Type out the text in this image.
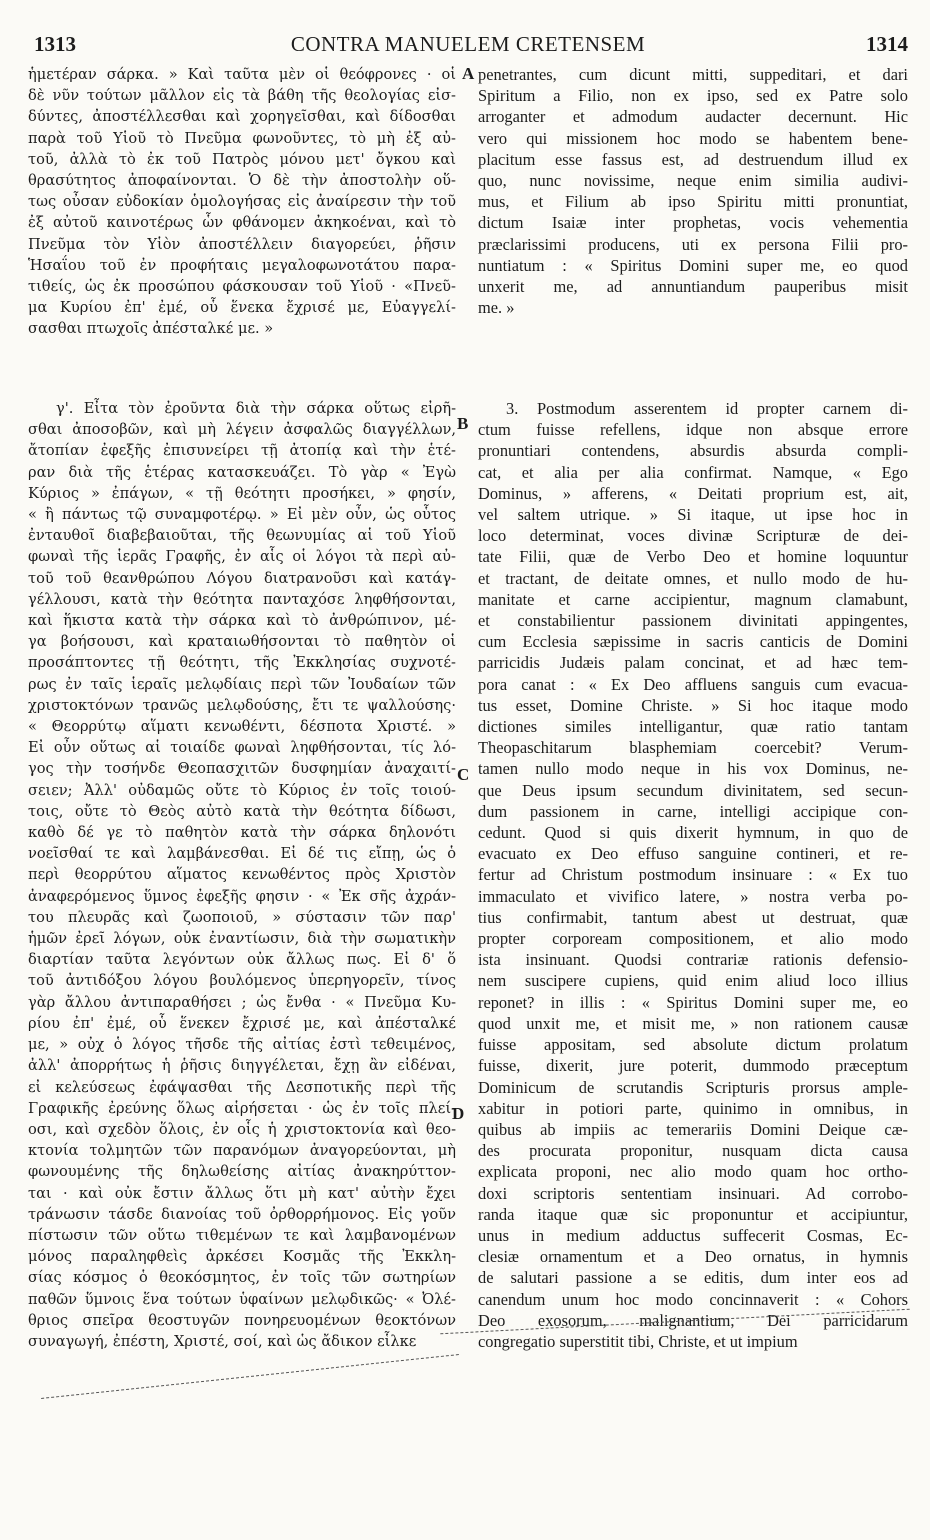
1313	CONTRA MANUELEM CRETENSEM	1314
A
B
C
D
ἡμετέραν σάρκα. » Καὶ ταῦτα μὲν οἱ θεόφρονες · οἱ
δὲ νῦν τούτων μᾶλλον εἰς τὰ βάθη τῆς θεολογίας εἰσ-
δύντες, ἀποστέλλεσθαι καὶ χορηγεῖσθαι, καὶ δίδοσθαι
παρὰ τοῦ Υἱοῦ τὸ Πνεῦμα φωνοῦντες, τὸ μὴ ἐξ αὐ-
τοῦ, ἀλλὰ τὸ ἐκ τοῦ Πατρὸς μόνου μετ' ὄγκου καὶ
θρασύτητος ἀποφαίνονται. Ὁ δὲ τὴν ἀποστολὴν οὕ-
τως οὖσαν εὐδοκίαν ὁμολογήσας εἰς ἀναίρεσιν τὴν τοῦ
ἐξ αὐτοῦ καινοτέρως ὧν φθάνομεν ἀκηκοέναι, καὶ τὸ
Πνεῦμα τὸν Υἱὸν ἀποστέλλειν διαγορεύει, ῥῆσιν
Ἡσαΐου τοῦ ἐν προφήταις μεγαλοφωνοτάτου παρα-
τιθείς, ὡς ἐκ προσώπου φάσκουσαν τοῦ Υἱοῦ · «Πνεῦ-
μα Κυρίου ἐπ' ἐμέ, οὗ ἕνεκα ἔχρισέ με, Εὐαγγελί-
σασθαι πτωχοῖς ἀπέσταλκέ με. »
penetrantes, cum dicunt mitti, suppeditari, et dari
Spiritum a Filio, non ex ipso, sed ex Patre solo
arroganter et admodum audacter decernunt. Hic
vero qui missionem hoc modo se habentem bene-
placitum esse fassus est, ad destruendum illud ex
quo, nunc novissime, neque enim similia audivi-
mus, et Filium ab ipso Spiritu mitti pronuntiat,
dictum Isaiæ inter prophetas, vocis vehementia
præclarissimi producens, uti ex persona Filii pro-
nuntiatum : « Spiritus Domini super me, eo quod
unxerit me, ad annuntiandum pauperibus misit
me. »
γ'. Εἶτα τὸν ἐροῦντα διὰ τὴν σάρκα οὕτως εἰρῆ-
σθαι ἀποσοβῶν, καὶ μὴ λέγειν ἀσφαλῶς διαγγέλλων,
ἄτοπίαν ἐφεξῆς ἐπισυνείρει τῇ ἀτοπίᾳ καὶ τὴν ἑτέ-
ραν διὰ τῆς ἑτέρας κατασκευάζει. Τὸ γὰρ « Ἐγὼ
Κύριος » ἐπάγων, « τῇ θεότητι προσήκει, » φησίν,
« ἢ πάντως τῷ συναμφοτέρῳ. » Εἰ μὲν οὖν, ὡς οὗτος
ἐνταυθοῖ διαβεβαιοῦται, τῆς θεωνυμίας αἱ τοῦ Υἱοῦ
φωναὶ τῆς ἱερᾶς Γραφῆς, ἐν αἷς οἱ λόγοι τὰ περὶ αὐ-
τοῦ τοῦ θεανθρώπου Λόγου διατρανοῦσι καὶ κατάγ-
γέλλουσι, κατὰ τὴν θεότητα πανταχόσε ληφθήσονται,
καὶ ἥκιστα κατὰ τὴν σάρκα καὶ τὸ ἀνθρώπινον, μέ-
γα βοήσουσι, καὶ κραταιωθήσονται τὸ παθητὸν οἱ
προσάπτοντες τῇ θεότητι, τῆς Ἐκκλησίας συχνοτέ-
ρως ἐν ταῖς ἱεραῖς μελῳδίαις περὶ τῶν Ἰουδαίων τῶν
χριστοκτόνων τρανῶς μελῳδούσης, ἔτι τε ψαλλούσης·
« Θεορρύτῳ αἵματι κενωθέντι, δέσποτα Χριστέ. »
Εἰ οὖν οὕτως αἱ τοιαίδε φωναὶ ληφθήσονται, τίς λό-
γος τὴν τοσήνδε Θεοπασχιτῶν δυσφημίαν ἀναχαιτί-
σειεν; Ἀλλ' οὐδαμῶς οὔτε τὸ Κύριος ἐν τοῖς τοιού-
τοις, οὔτε τὸ Θεὸς αὐτὸ κατὰ τὴν θεότητα δίδωσι,
καθὸ δέ γε τὸ παθητὸν κατὰ τὴν σάρκα δηλονότι
νοεῖσθαί τε καὶ λαμβάνεσθαι. Εἰ δέ τις εἴπῃ, ὡς ὁ
περὶ θεορρύτου αἵματος κενωθέντος πρὸς Χριστὸν
ἀναφερόμενος ὕμνος ἐφεξῆς φησιν · « Ἐκ σῆς ἀχράν-
του πλευρᾶς καὶ ζωοποιοῦ, » σύστασιν τῶν παρ'
ἡμῶν ἐρεῖ λόγων, οὐκ ἐναντίωσιν, διὰ τὴν σωματικὴν
διαρτίαν ταῦτα λεγόντων οὐκ ἄλλως πως. Εἰ δ' ὅ
τοῦ ἀντιδόξου λόγου βουλόμενος ὑπερηγορεῖν, τίνος
γὰρ ἄλλου ἀντιπαραθήσει ; ὡς ἔνθα · « Πνεῦμα Κυ-
ρίου ἐπ' ἐμέ, οὗ ἕνεκεν ἔχρισέ με, καὶ ἀπέσταλκέ
με, » οὐχ ὁ λόγος τῆσδε τῆς αἰτίας ἐστὶ τεθειμένος,
ἀλλ' ἀπορρήτως ἡ ῥῆσις διηγγέλεται, ἔχῃ ἂν εἰδέναι,
εἰ κελεύσεως ἐφάψασθαι τῆς Δεσποτικῆς περὶ τῆς
Γραφικῆς ἐρεύνης ὅλως αἱρήσεται · ὡς ἐν τοῖς πλεί-
οσι, καὶ σχεδὸν ὅλοις, ἐν οἷς ἡ χριστοκτονία καὶ θεο-
κτονία τολμητῶν τῶν παρανόμων ἀναγορεύονται, μὴ
φωνουμένης τῆς δηλωθείσης αἰτίας ἀνακηρύττον-
ται · καὶ οὐκ ἔστιν ἄλλως ὅτι μὴ κατ' αὐτὴν ἔχει
τράνωσιν τάσδε διανοίας τοῦ ὀρθορρήμονος. Εἰς γοῦν
πίστωσιν τῶν οὕτω τιθεμένων τε καὶ λαμβανομένων
μόνος παραληφθεὶς ἀρκέσει Κοσμᾶς τῆς Ἐκκλη-
σίας κόσμος ὁ θεοκόσμητος, ἐν τοῖς τῶν σωτηρίων
παθῶν ὕμνοις ἕνα τούτων ὑφαίνων μελῳδικῶς· « Ὀλέ-
θριος σπεῖρα θεοστυγῶν πονηρευομένων θεοκτόνων
συναγωγή, ἐπέστη, Χριστέ, σοί, καὶ ὡς ἄδικον εἷλκε
3. Postmodum asserentem id propter carnem di-
ctum fuisse refellens, idque non absque errore
pronuntiari contendens, absurdis absurda compli-
cat, et alia per alia confirmat. Namque, « Ego
Dominus, » afferens, « Deitati proprium est, ait,
vel saltem utrique. » Si itaque, ut ipse hoc in
loco determinat, voces divinæ Scripturæ de dei-
tate Filii, quæ de Verbo Deo et homine loquuntur
et tractant, de deitate omnes, et nullo modo de hu-
manitate et carne accipientur, magnum clamabunt,
et constabilientur passionem divinitati appingentes,
cum Ecclesia sæpissime in sacris canticis de Domini
parricidis Judæis palam concinat, et ad hæc tem-
pora canat : « Ex Deo affluens sanguis cum evacua-
tus esset, Domine Christe. » Si hoc itaque modo
dictiones similes intelligantur, quæ ratio tantam
Theopaschitarum blasphemiam coercebit? Verum-
tamen nullo modo neque in his vox Dominus, ne-
que Deus ipsum secundum divinitatem, sed secun-
dum passionem in carne, intelligi accipique con-
cedunt. Quod si quis dixerit hymnum, in quo de
evacuato ex Deo effuso sanguine contineri, et re-
fertur ad Christum postmodum insinuare : « Ex tuo
immaculato et vivifico latere, » nostra verba po-
tius confirmabit, tantum abest ut destruat, quæ
propter corpoream compositionem, et alio modo
ista insinuant. Quodsi contrariæ rationis defensio-
nem suscipere cupiens, quid enim aliud loco illius
reponet? in illis : « Spiritus Domini super me, eo
quod unxit me, et misit me, » non rationem causæ
fuisse appositam, sed absolute dictum prolatum
fuisse, dixerit, jure poterit, dummodo præceptum
Dominicum de scrutandis Scripturis prorsus ample-
xabitur in potiori parte, quinimo in omnibus, in
quibus ab impiis ac temerariis Domini Deique cæ-
des procurata proponitur, nusquam dicta causa
explicata proponi, nec alio modo quam hoc ortho-
doxi scriptoris sententiam insinuari. Ad corrobo-
randa itaque quæ sic proponuntur et accipiuntur,
unus in medium adductus suffecerit Cosmas, Ec-
clesiæ ornamentum et a Deo ornatus, in hymnis
de salutari passione a se editis, dum inter eos ad
canendum unum hoc modo concinnaverit : « Cohors
Deo exosorum, malignantium, Dei parricidarum
congregatio superstitit tibi, Christe, et ut impium
